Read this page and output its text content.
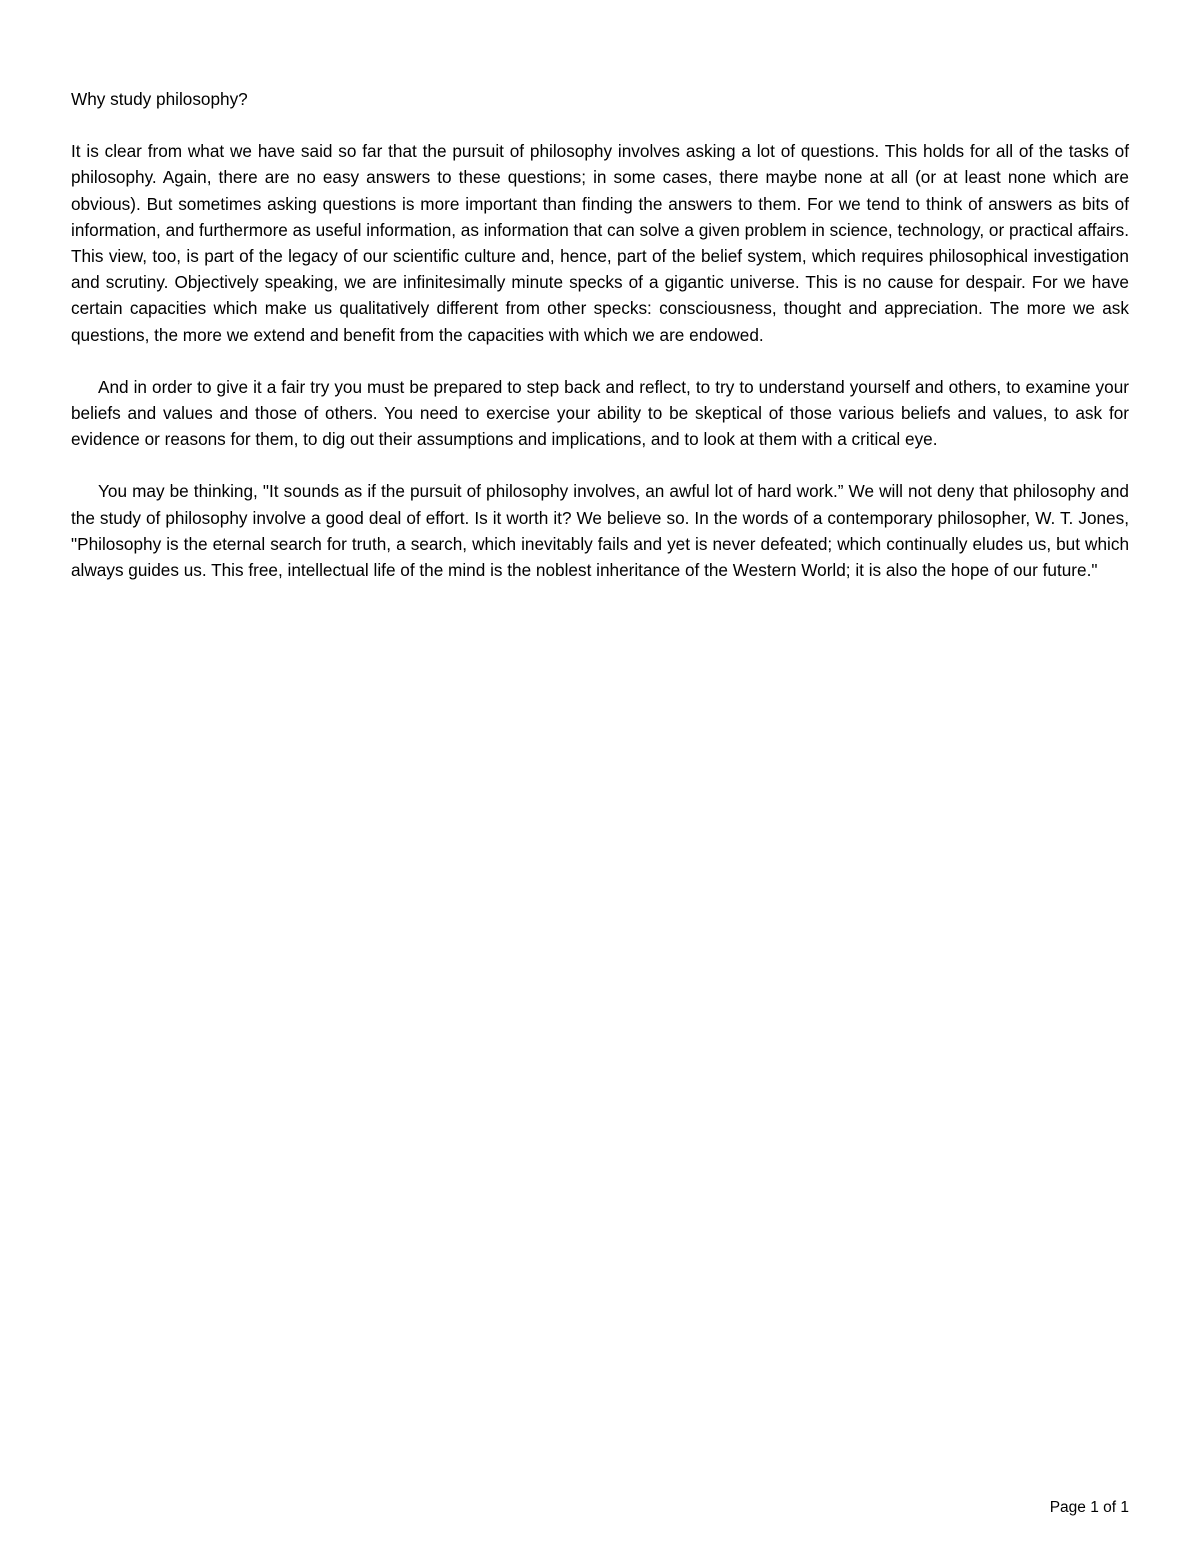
Why study philosophy?

It is clear from what we have said so far that the pursuit of philosophy involves asking a lot of questions. This holds for all of the tasks of philosophy. Again, there are no easy answers to these questions; in some cases, there maybe none at all (or at least none which are obvious). But sometimes asking questions is more important than finding the answers to them. For we tend to think of answers as bits of information, and furthermore as useful information, as information that can solve a given problem in science, technology, or practical affairs. This view, too, is part of the legacy of our scientific culture and, hence, part of the belief system, which requires philosophical investigation and scrutiny. Objectively speaking, we are infinitesimally minute specks of a gigantic universe. This is no cause for despair. For we have certain capacities which make us qualitatively different from other specks: consciousness, thought and appreciation. The more we ask questions, the more we extend and benefit from the capacities with which we are endowed.

And in order to give it a fair try you must be prepared to step back and reflect, to try to understand yourself and others, to examine your beliefs and values and those of others. You need to exercise your ability to be skeptical of those various beliefs and values, to ask for evidence or reasons for them, to dig out their assumptions and implications, and to look at them with a critical eye.

You may be thinking, "It sounds as if the pursuit of philosophy involves, an awful lot of hard work.” We will not deny that philosophy and the study of philosophy involve a good deal of effort. Is it worth it? We believe so. In the words of a contemporary philosopher, W. T. Jones, "Philosophy is the eternal search for truth, a search, which inevitably fails and yet is never defeated; which continually eludes us, but which always guides us. This free, intellectual life of the mind is the noblest inheritance of the Western World; it is also the hope of our future."

Page 1 of 1
